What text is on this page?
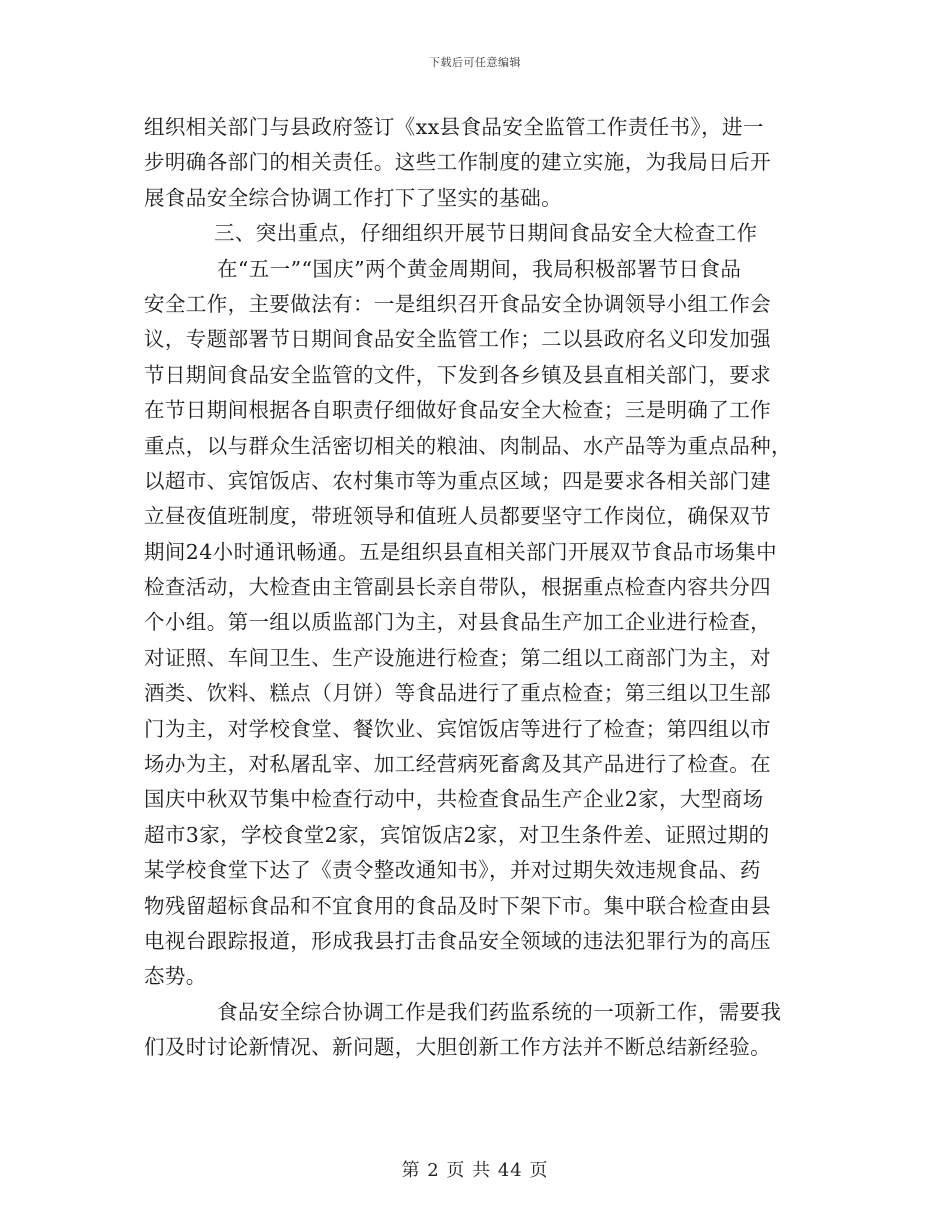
下载后可任意编辑
组织相关部门与县政府签订《xx县食品安全监管工作责任书》，进一
步明确各部门的相关责任。这些工作制度的建立实施，为我局日后开
展食品安全综合协调工作打下了坚实的基础。
三、突出重点，仔细组织开展节日期间食品安全大检查工作
在“五一”“国庆”两个黄金周期间，我局积极部署节日食品
安全工作，主要做法有：一是组织召开食品安全协调领导小组工作会
议，专题部署节日期间食品安全监管工作；二以县政府名义印发加强
节日期间食品安全监管的文件，下发到各乡镇及县直相关部门，要求
在节日期间根据各自职责仔细做好食品安全大检查；三是明确了工作
重点，以与群众生活密切相关的粮油、肉制品、水产品等为重点品种，
以超市、宾馆饭店、农村集市等为重点区域；四是要求各相关部门建
立昼夜值班制度，带班领导和值班人员都要坚守工作岗位，确保双节
期间24小时通讯畅通。五是组织县直相关部门开展双节食品市场集中
检查活动，大检查由主管副县长亲自带队，根据重点检查内容共分四
个小组。第一组以质监部门为主，对县食品生产加工企业进行检查，
对证照、车间卫生、生产设施进行检查；第二组以工商部门为主，对
酒类、饮料、糕点（月饼）等食品进行了重点检查；第三组以卫生部
门为主，对学校食堂、餐饮业、宾馆饭店等进行了检查；第四组以市
场办为主，对私屠乱宰、加工经营病死畜禽及其产品进行了检查。在
国庆中秋双节集中检查行动中，共检查食品生产企业2家，大型商场
超市3家，学校食堂2家，宾馆饭店2家，对卫生条件差、证照过期的
某学校食堂下达了《责令整改通知书》，并对过期失效违规食品、药
物残留超标食品和不宜食用的食品及时下架下市。集中联合检查由县
电视台跟踪报道，形成我县打击食品安全领域的违法犯罪行为的高压
态势。
食品安全综合协调工作是我们药监系统的一项新工作，需要我
们及时讨论新情况、新问题，大胆创新工作方法并不断总结新经验。
第 2 页 共 44 页
